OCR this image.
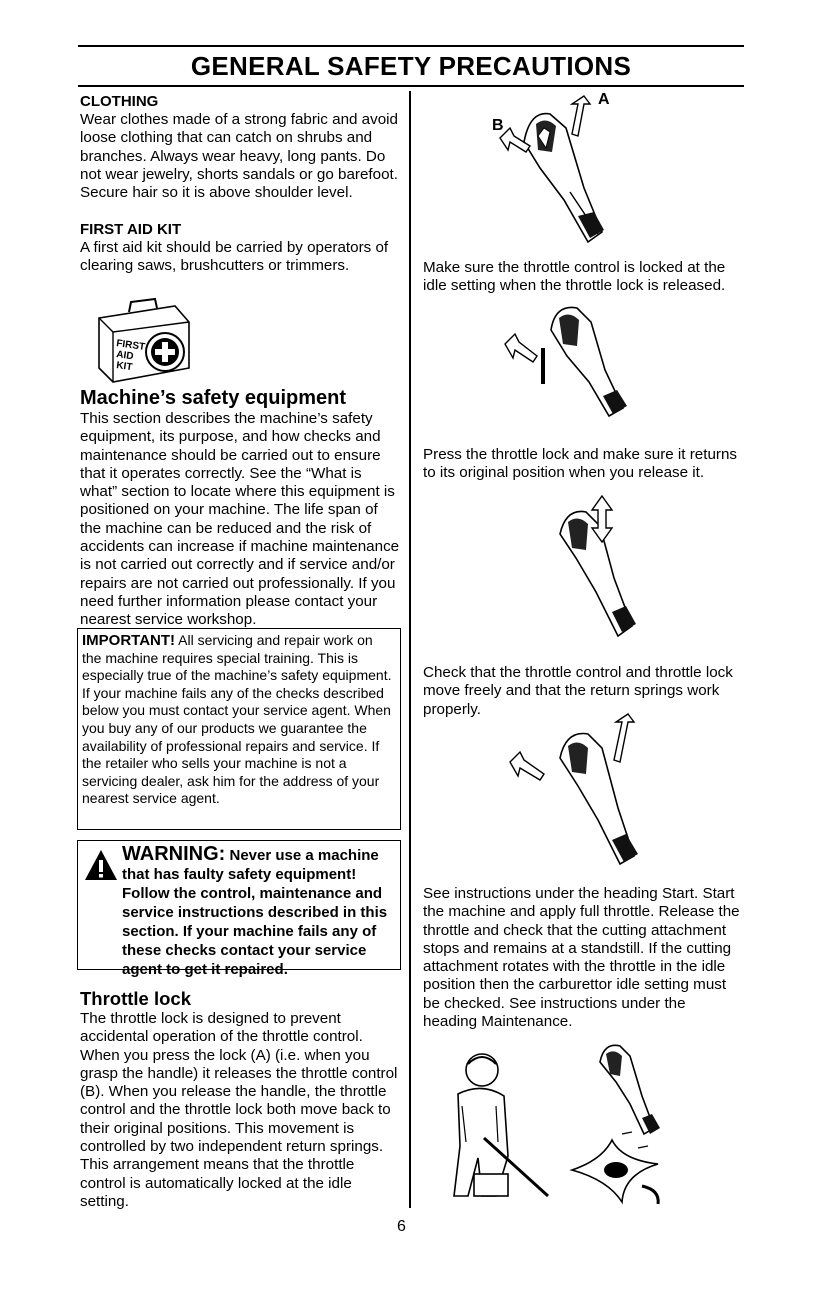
GENERAL SAFETY PRECAUTIONS

CLOTHING

Wear clothes made of a strong fabric and avoid loose clothing that can catch on shrubs and branches. Always wear heavy, long pants. Do not wear jewelry, shorts sandals or go barefoot. Secure hair so it is above shoulder level.

FIRST AID KIT

A first aid kit should be carried by operators of clearing saws, brushcutters or trimmers.

FIRST
AID
KIT

Machine’s safety equipment

This section describes the machine’s safety equipment, its purpose, and how checks and maintenance should be carried out to ensure that it operates correctly. See the “What is what” section to locate where this equipment is positioned on your machine. The life span of the machine can be reduced and the risk of accidents can increase if machine maintenance is not carried out correctly and if service and/or repairs are not carried out professionally. If you need further information please contact your nearest service workshop.

IMPORTANT! All servicing and repair work on the machine requires special training. This is especially true of the machine’s safety equipment. If your machine fails any of the checks described below you must contact your service agent. When you buy any of our products we guarantee the availability of professional repairs and service. If the retailer who sells your machine is not a servicing dealer, ask him for the address of your nearest service agent.

WARNING: Never use a machine that has faulty safety equipment! Follow the control, maintenance and service instructions described in this section. If your machine fails any of these checks contact your service agent to get it repaired.

Throttle lock

The throttle lock is designed to prevent accidental operation of the throttle control. When you press the lock (A) (i.e. when you grasp the handle) it releases the throttle control (B). When you release the handle, the throttle control and the throttle lock both move back to their original positions. This movement is controlled by two independent return springs. This arrangement means that the throttle control is automatically locked at the idle setting.

A
B
Make sure the throttle control is locked at the idle setting when the throttle lock is released.
Press the throttle lock and make sure it returns to its original position when you release it.
Check that the throttle control and throttle lock move freely and that the return springs work properly.
See instructions under the heading Start. Start the machine and apply full throttle. Release the throttle and check that the cutting attachment stops and remains at a standstill. If the cutting attachment rotates with the throttle in the idle position then the carburettor idle setting must be checked. See instructions under the heading Maintenance.
6
